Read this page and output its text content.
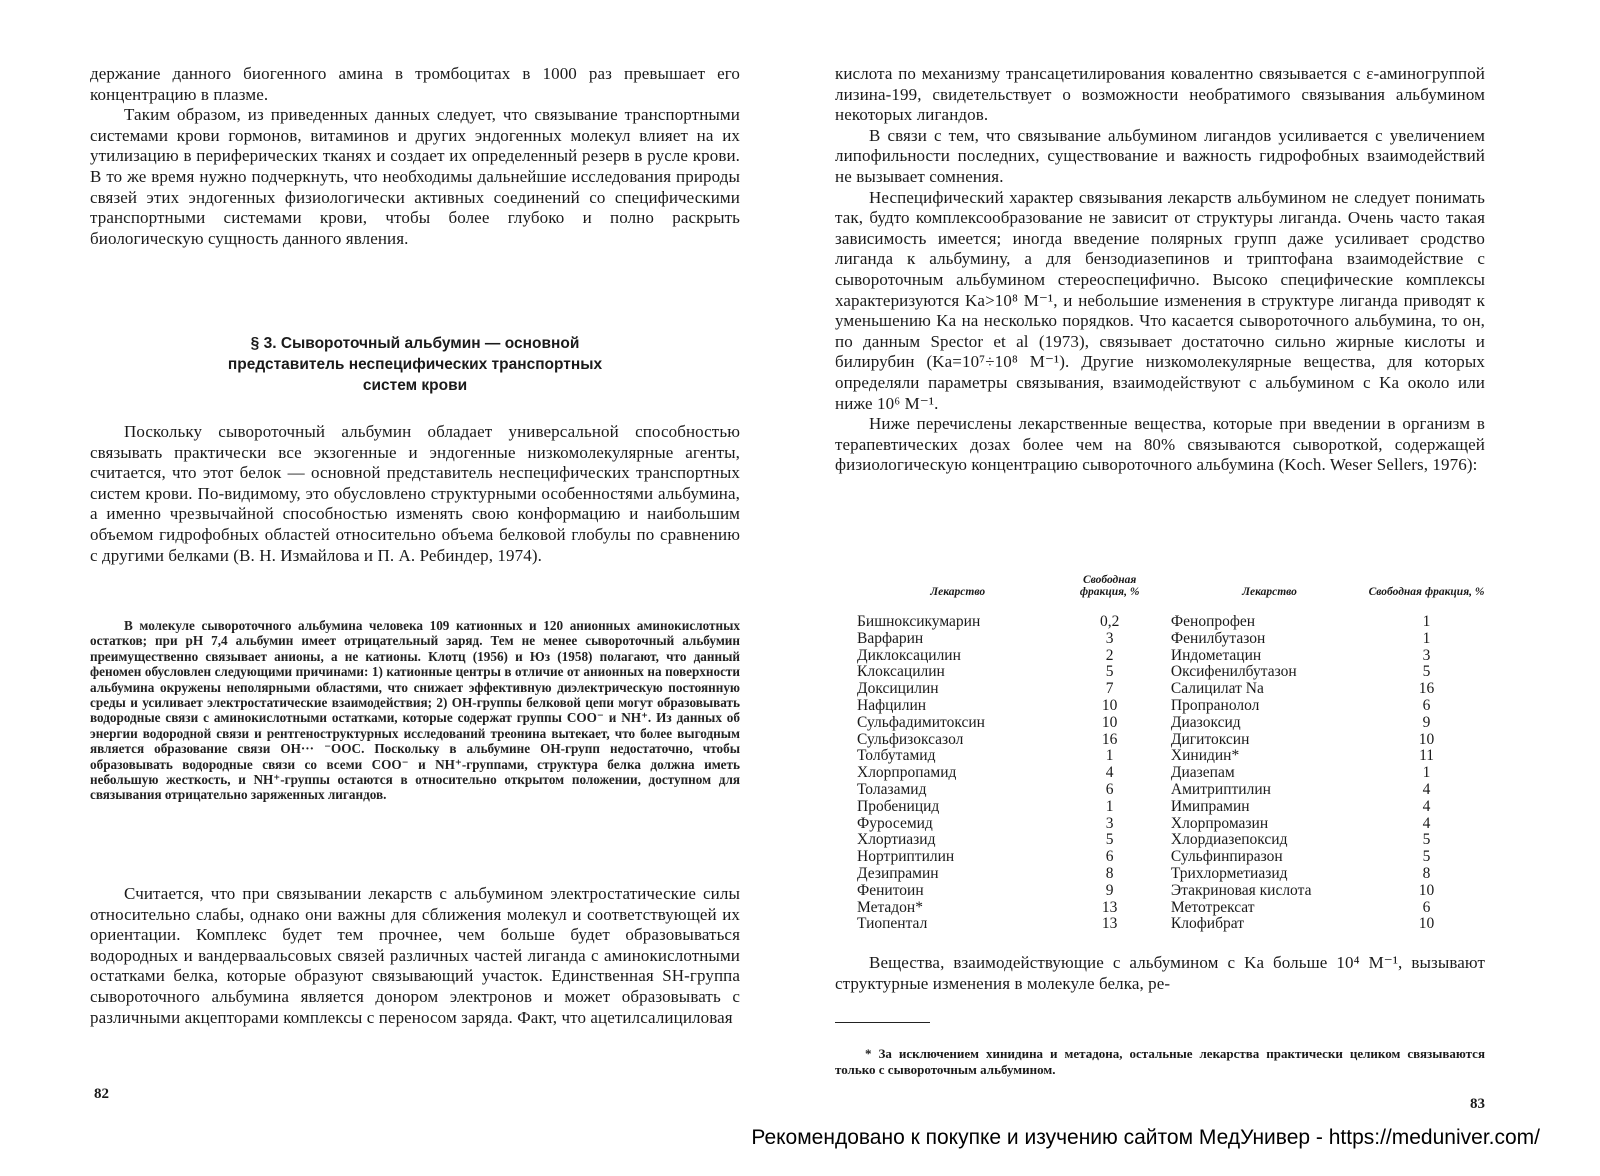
держание данного биогенного амина в тромбоцитах в 1000 раз превышает его концентрацию в плазме.

Таким образом, из приведенных данных следует, что связывание транспортными системами крови гормонов, витаминов и других эндогенных молекул влияет на их утилизацию в периферических тканях и создает их определенный резерв в русле крови. В то же время нужно подчеркнуть, что необходимы дальнейшие исследования природы связей этих эндогенных физиологически активных соединений со специфическими транспортными системами крови, чтобы более глубоко и полно раскрыть биологическую сущность данного явления.

§ 3. Сывороточный альбумин — основной

представитель неспецифических транспортных

систем крови

Поскольку сывороточный альбумин обладает универсальной способностью связывать практически все экзогенные и эндогенные низкомолекулярные агенты, считается, что этот белок — основной представитель неспецифических транспортных систем крови. По-видимому, это обусловлено структурными особенностями альбумина, а именно чрезвычайной способностью изменять свою конформацию и наибольшим объемом гидрофобных областей относительно объема белковой глобулы по сравнению с другими белками (В. Н. Измайлова и П. А. Ребиндер, 1974).

В молекуле сывороточного альбумина человека 109 катионных и 120 анионных аминокислотных остатков; при рН 7,4 альбумин имеет отрицательный заряд. Тем не менее сывороточный альбумин преимущественно связывает анионы, а не катионы. Клотц (1956) и Юз (1958) полагают, что данный феномен обусловлен следующими причинами: 1) катионные центры в отличие от анионных на поверхности альбумина окружены неполярными областями, что снижает эффективную диэлектрическую постоянную среды и усиливает электростатические взаимодействия; 2) ОН-группы белковой цепи могут образовывать водородные связи с аминокислотными остатками, которые содержат группы COO⁻ и NH⁺. Из данных об энергии водородной связи и рентгеноструктурных исследований треонина вытекает, что более выгодным является образование связи OH··· ⁻OOC. Поскольку в альбумине ОН-групп недостаточно, чтобы образовывать водородные связи со всеми COO⁻ и NH⁺-группами, структура белка должна иметь небольшую жесткость, и NH⁺-группы остаются в относительно открытом положении, доступном для связывания отрицательно заряженных лигандов.

Считается, что при связывании лекарств с альбумином электростатические силы относительно слабы, однако они важны для сближения молекул и соответствующей их ориентации. Комплекс будет тем прочнее, чем больше будет образовываться водородных и вандерваальсовых связей различных частей лиганда с аминокислотными остатками белка, которые образуют связывающий участок. Единственная SH-группа сывороточного альбумина является донором электронов и может образовывать с различными акцепторами комплексы с переносом заряда. Факт, что ацетилсалициловая

82

кислота по механизму трансацетилирования ковалентно связывается с ε-аминогруппой лизина-199, свидетельствует о возможности необратимого связывания альбумином некоторых лигандов.

В связи с тем, что связывание альбумином лигандов усиливается с увеличением липофильности последних, существование и важность гидрофобных взаимодействий не вызывает сомнения.

Неспецифический характер связывания лекарств альбумином не следует понимать так, будто комплексообразование не зависит от структуры лиганда. Очень часто такая зависимость имеется; иногда введение полярных групп даже усиливает сродство лиганда к альбумину, а для бензодиазепинов и триптофана взаимодействие с сывороточным альбумином стереоспецифично. Высоко специфические комплексы характеризуются Ka>10⁸ M⁻¹, и небольшие изменения в структуре лиганда приводят к уменьшению Ka на несколько порядков. Что касается сывороточного альбумина, то он, по данным Spector et al (1973), связывает достаточно сильно жирные кислоты и билирубин (Ka=10⁷÷10⁸ M⁻¹). Другие низкомолекулярные вещества, для которых определяли параметры связывания, взаимодействуют с альбумином с Ka около или ниже 10⁶ M⁻¹.

Ниже перечислены лекарственные вещества, которые при введении в организм в терапевтических дозах более чем на 80% связываются сывороткой, содержащей физиологическую концентрацию сывороточного альбумина (Koch. Weser Sellers, 1976):

Лекарство	Свободная фракция, %	Лекарство	Свободная фракция, %
Бишноксикумарин	0,2	Фенопрофен	1
Варфарин	3	Фенилбутазон	1
Диклоксацилин	2	Индометацин	3
Клоксацилин	5	Оксифенилбутазон	5
Доксицилин	7	Салицилат Na	16
Нафцилин	10	Пропранолол	6
Сульфадимитоксин	10	Диазоксид	9
Сульфизоксазол	16	Дигитоксин	10
Толбутамид	1	Хинидин*	11
Хлорпропамид	4	Диазепам	1
Толазамид	6	Амитриптилин	4
Пробеницид	1	Имипрамин	4
Фуросемид	3	Хлорпромазин	4
Хлортиазид	5	Хлордиазепоксид	5
Нортриптилин	6	Сульфинпиразон	5
Дезипрамин	8	Трихлорметиазид	8
Фенитоин	9	Этакриновая кислота	10
Метадон*	13	Метотрексат	6
Тиопентал	13	Клофибрат	10

Вещества, взаимодействующие с альбумином с Ka больше 10⁴ M⁻¹, вызывают структурные изменения в молекуле белка, ре-

* За исключением хинидина и метадона, остальные лекарства практически целиком связываются только с сывороточным альбумином.

83
Рекомендовано к покупке и изучению сайтом МедУнивер - https://meduniver.com/
